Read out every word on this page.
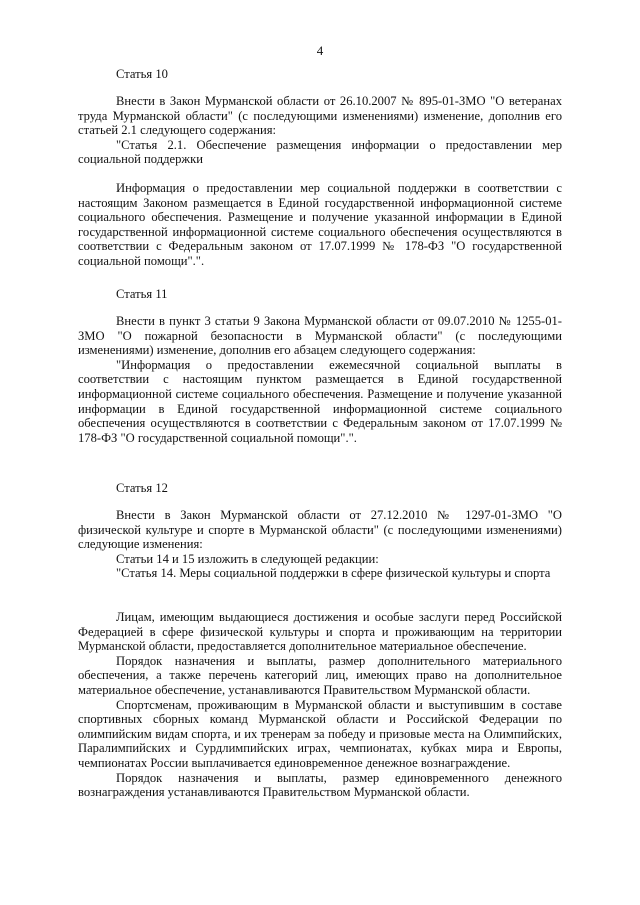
4

Статья 10

Внести в Закон Мурманской области от 26.10.2007 № 895-01-ЗМО "О ветеранах труда Мурманской области" (с последующими изменениями) изменение, дополнив его статьей 2.1 следующего содержания:

"Статья 2.1. Обеспечение размещения информации о предоставлении мер социальной поддержки

Информация о предоставлении мер социальной поддержки в соответствии с настоящим Законом размещается в Единой государственной информационной системе социального обеспечения. Размещение и получение указанной информации в Единой государственной информационной системе социального обеспечения осуществляются в соответствии с Федеральным законом от 17.07.1999 № 178-ФЗ "О государственной социальной помощи".".

Статья 11

Внести в пункт 3 статьи 9 Закона Мурманской области от 09.07.2010 № 1255-01-ЗМО "О пожарной безопасности в Мурманской области" (с последующими изменениями) изменение, дополнив его абзацем следующего содержания:

"Информация о предоставлении ежемесячной социальной выплаты в соответствии с настоящим пунктом размещается в Единой государственной информационной системе социального обеспечения. Размещение и получение указанной информации в Единой государственной информационной системе социального обеспечения осуществляются в соответствии с Федеральным законом от 17.07.1999 № 178-ФЗ "О государственной социальной помощи".".

Статья 12

Внести в Закон Мурманской области от 27.12.2010 № 1297-01-ЗМО "О физической культуре и спорте в Мурманской области" (с последующими изменениями) следующие изменения:

Статьи 14 и 15 изложить в следующей редакции:

"Статья 14. Меры социальной поддержки в сфере физической культуры и спорта

Лицам, имеющим выдающиеся достижения и особые заслуги перед Российской Федерацией в сфере физической культуры и спорта и проживающим на территории Мурманской области, предоставляется дополнительное материальное обеспечение.

Порядок назначения и выплаты, размер дополнительного материального обеспечения, а также перечень категорий лиц, имеющих право на дополнительное материальное обеспечение, устанавливаются Правительством Мурманской области.

Спортсменам, проживающим в Мурманской области и выступившим в составе спортивных сборных команд Мурманской области и Российской Федерации по олимпийским видам спорта, и их тренерам за победу и призовые места на Олимпийских, Паралимпийских и Сурдлимпийских играх, чемпионатах, кубках мира и Европы, чемпионатах России выплачивается единовременное денежное вознаграждение.

Порядок назначения и выплаты, размер единовременного денежного вознаграждения устанавливаются Правительством Мурманской области.
